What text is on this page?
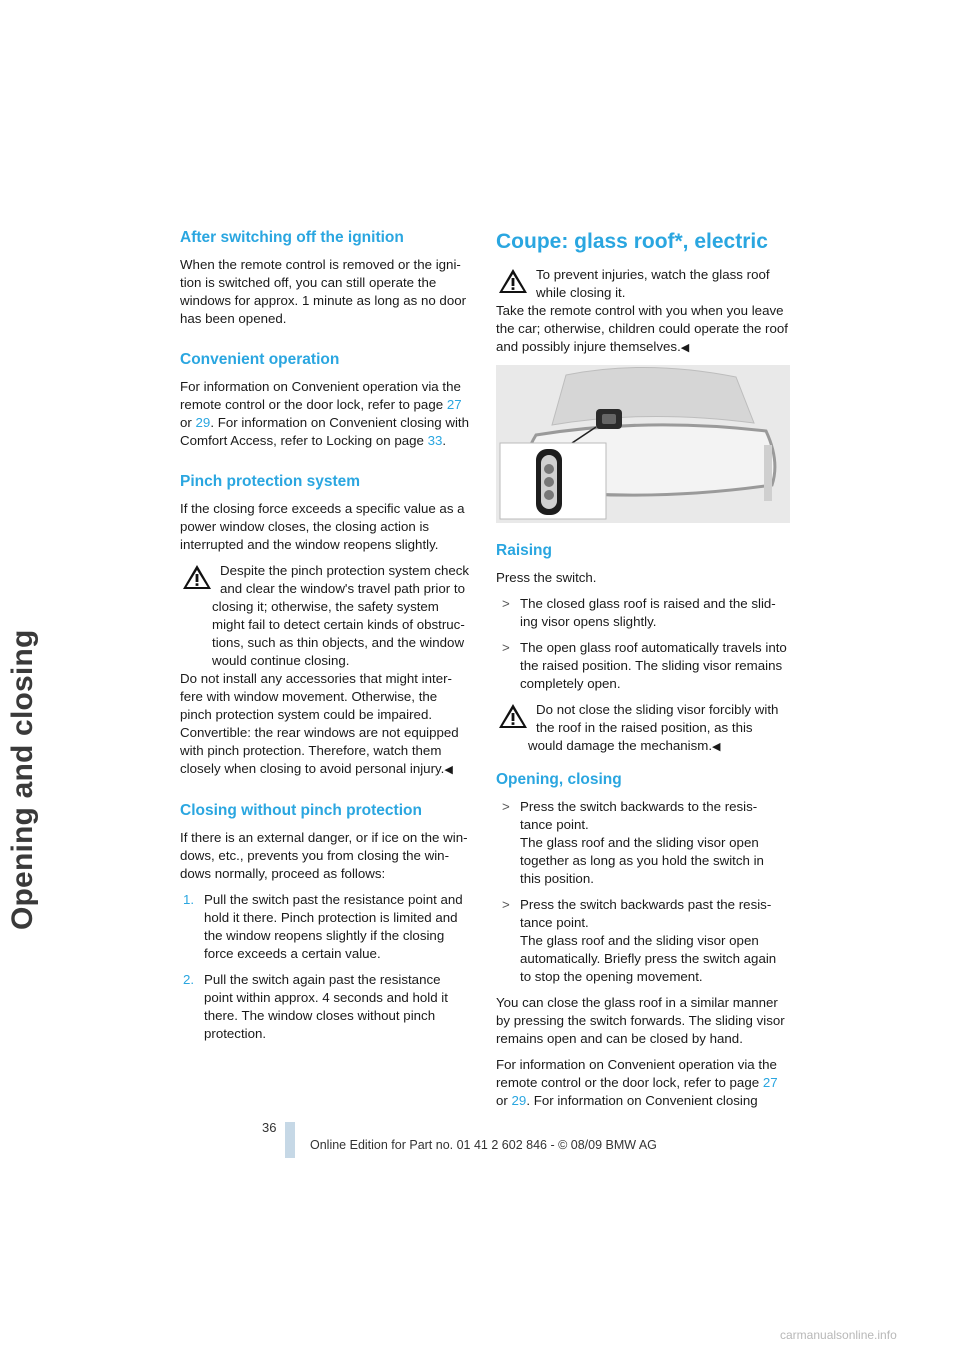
Opening and closing
After switching off the ignition

When the remote control is removed or the igni-tion is switched off, you can still operate the windows for approx. 1 minute as long as no door has been opened.

Convenient operation

For information on Convenient operation via the remote control or the door lock, refer to page 27 or 29. For information on Convenient closing with Comfort Access, refer to Locking on page 33.

Pinch protection system

If the closing force exceeds a specific value as a power window closes, the closing action is interrupted and the window reopens slightly.

Despite the pinch protection system check and clear the window's travel path prior to closing it; otherwise, the safety system might fail to detect certain kinds of obstruc-tions, such as thin objects, and the window would continue closing.

Do not install any accessories that might inter-fere with window movement. Otherwise, the pinch protection system could be impaired.

Convertible: the rear windows are not equipped with pinch protection. Therefore, watch them closely when closing to avoid personal injury.◀

Closing without pinch protection

If there is an external danger, or if ice on the win-dows, etc., prevents you from closing the win-dows normally, proceed as follows:

1. Pull the switch past the resistance point and hold it there. Pinch protection is limited and the window reopens slightly if the closing force exceeds a certain value.
2. Pull the switch again past the resistance point within approx. 4 seconds and hold it there. The window closes without pinch protection.
Coupe: glass roof*, electric

To prevent injuries, watch the glass roof while closing it.

Take the remote control with you when you leave the car; otherwise, children could operate the roof and possibly injure themselves.◀

Raising

Press the switch.

> The closed glass roof is raised and the slid-ing visor opens slightly.
> The open glass roof automatically travels into the raised position. The sliding visor remains completely open.

Do not close the sliding visor forcibly with the roof in the raised position, as this would damage the mechanism.◀

Opening, closing
> Press the switch backwards to the resis-tance point.
The glass roof and the sliding visor open together as long as you hold the switch in this position.
> Press the switch backwards past the resis-tance point.
The glass roof and the sliding visor open automatically. Briefly press the switch again to stop the opening movement.

You can close the glass roof in a similar manner by pressing the switch forwards. The sliding visor remains open and can be closed by hand.

For information on Convenient operation via the remote control or the door lock, refer to page 27 or 29. For information on Convenient closing

36
Online Edition for Part no. 01 41 2 602 846 - © 08/09 BMW AG
carmanualsonline.info
